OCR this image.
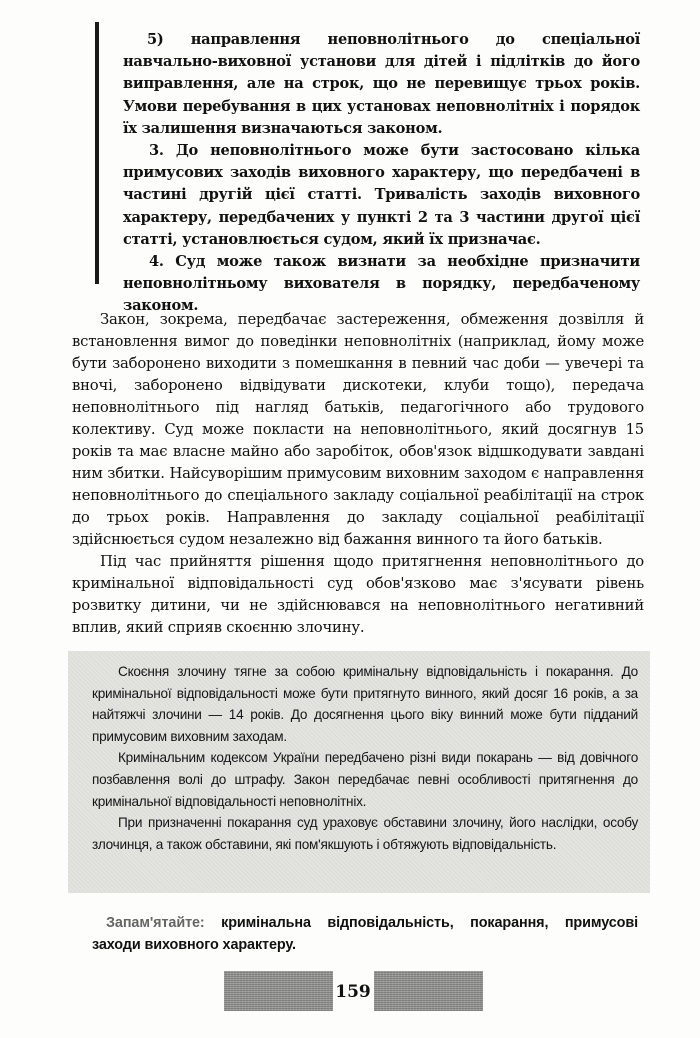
5) направлення неповнолітнього до спеціальної навчально-виховної установи для дітей і підлітків до його виправлення, але на строк, що не перевищує трьох років. Умови перебування в цих установах неповнолітніх і порядок їх залишення визначаються законом.

3. До неповнолітнього може бути застосовано кілька примусових заходів виховного характеру, що передбачені в частині другій цієї статті. Тривалість заходів виховного характеру, передбачених у пункті 2 та 3 частини другої цієї статті, установлюється судом, який їх призначає.

4. Суд може також визнати за необхідне призначити неповнолітньому вихователя в порядку, передбаченому законом.

Закон, зокрема, передбачає застереження, обмеження дозвілля й встановлення вимог до поведінки неповнолітніх (наприклад, йому може бути заборонено виходити з помешкання в певний час доби — увечері та вночі, заборонено відвідувати дискотеки, клуби тощо), передача неповнолітнього під нагляд батьків, педагогічного або трудового колективу. Суд може покласти на неповнолітнього, який досягнув 15 років та має власне майно або заробіток, обов'язок відшкодувати завдані ним збитки. Найсуворішим примусовим виховним заходом є направлення неповнолітнього до спеціального закладу соціальної реабілітації на строк до трьох років. Направлення до закладу соціальної реабілітації здійснюється судом незалежно від бажання винного та його батьків.

Під час прийняття рішення щодо притягнення неповнолітнього до кримінальної відповідальності суд обов'язково має з'ясувати рівень розвитку дитини, чи не здійснювався на неповнолітнього негативний вплив, який сприяв скоєнню злочину.

Скоєння злочину тягне за собою кримінальну відповідальність і покарання. До кримінальної відповідальності може бути притягнуто винного, який досяг 16 років, а за найтяжчі злочини — 14 років. До досягнення цього віку винний може бути підданий примусовим виховним заходам.

Кримінальним кодексом України передбачено різні види покарань — від довічного позбавлення волі до штрафу. Закон передбачає певні особливості притягнення до кримінальної відповідальності неповнолітніх.

При призначенні покарання суд ураховує обставини злочину, його наслідки, особу злочинця, а також обставини, які пом'якшують і обтяжують відповідальність.

Запам'ятайте: кримінальна відповідальність, покарання, примусові заходи виховного характеру.
159
